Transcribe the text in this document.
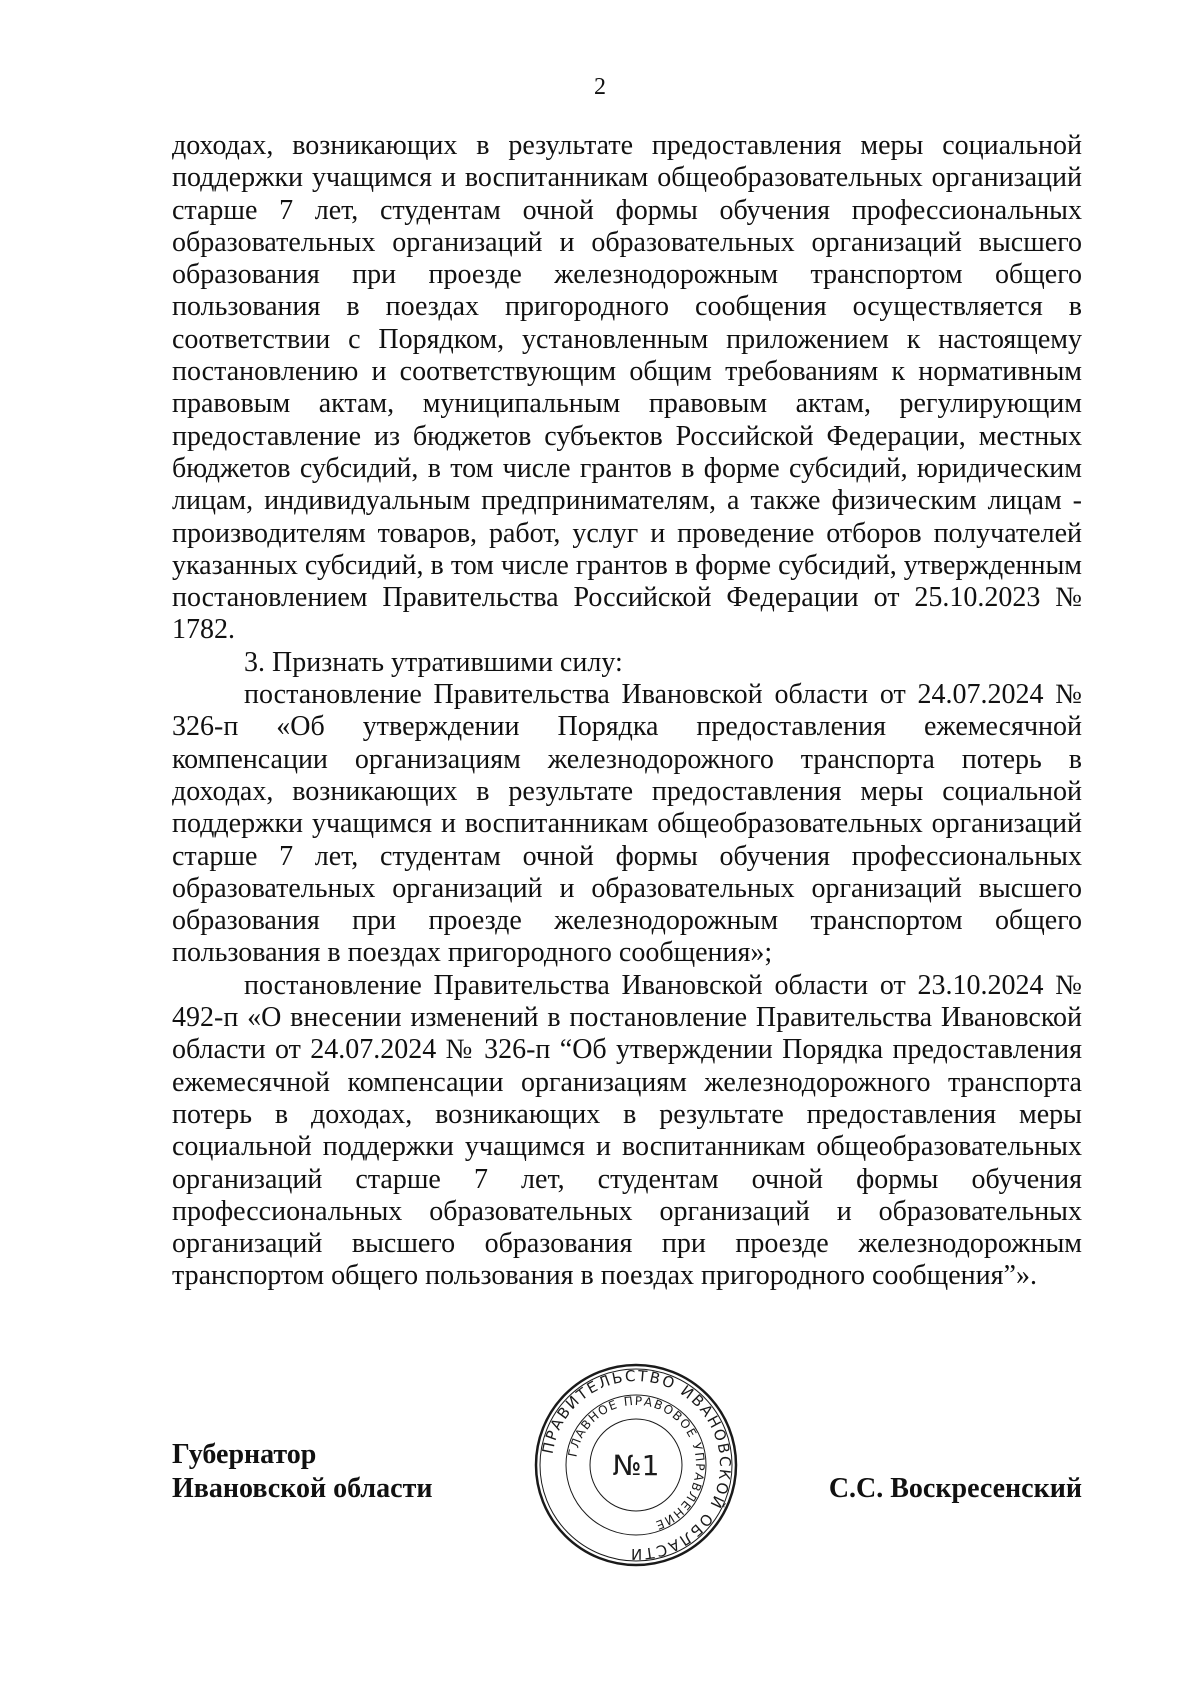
2

доходах, возникающих в результате предоставления меры социальной поддержки учащимся и воспитанникам общеобразовательных организаций старше 7 лет, студентам очной формы обучения профессиональных образовательных организаций и образовательных организаций высшего образования при проезде железнодорожным транспортом общего пользования в поездах пригородного сообщения осуществляется в соответствии с Порядком, установленным приложением к настоящему постановлению и соответствующим общим требованиям к нормативным правовым актам, муниципальным правовым актам, регулирующим предоставление из бюджетов субъектов Российской Федерации, местных бюджетов субсидий, в том числе грантов в форме субсидий, юридическим лицам, индивидуальным предпринимателям, а также физическим лицам - производителям товаров, работ, услуг и проведение отборов получателей указанных субсидий, в том числе грантов в форме субсидий, утвержденным постановлением Правительства Российской Федерации от 25.10.2023 № 1782.

3. Признать утратившими силу:

постановление Правительства Ивановской области от 24.07.2024 № 326-п «Об утверждении Порядка предоставления ежемесячной компенсации организациям железнодорожного транспорта потерь в доходах, возникающих в результате предоставления меры социальной поддержки учащимся и воспитанникам общеобразовательных организаций старше 7 лет, студентам очной формы обучения профессиональных образовательных организаций и образовательных организаций высшего образования при проезде железнодорожным транспортом общего пользования в поездах пригородного сообщения»;

постановление Правительства Ивановской области от 23.10.2024 № 492-п «О внесении изменений в постановление Правительства Ивановской области от 24.07.2024 № 326-п “Об утверждении Порядка предоставления ежемесячной компенсации организациям железнодорожного транспорта потерь в доходах, возникающих в результате предоставления меры социальной поддержки учащимся и воспитанникам общеобразовательных организаций старше 7 лет, студентам очной формы обучения профессиональных образовательных организаций и образовательных организаций высшего образования при проезде железнодорожным транспортом общего пользования в поездах пригородного сообщения”».

Губернатор
Ивановской области
ПРАВИТЕЛЬСТВО ИВАНОВСКОЙ ОБЛАСТИ
ГЛАВНОЕ ПРАВОВОЕ УПРАВЛЕНИЕ
№1
С.С. Воскресенский
